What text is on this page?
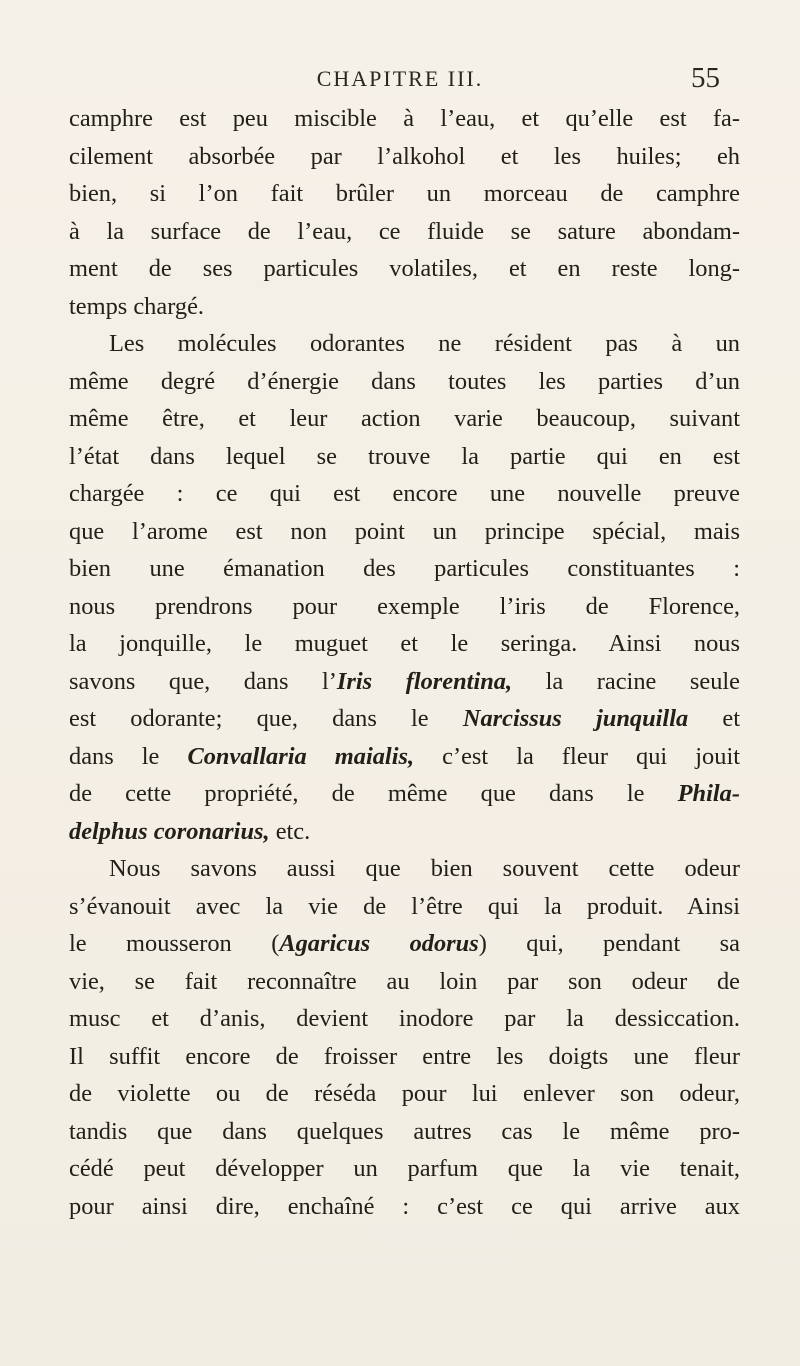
CHAPITRE III.	55
camphre est peu miscible à l’eau, et qu’elle est fa-
cilement absorbée par l’alkohol et les huiles; eh
bien, si l’on fait brûler un morceau de camphre
à la surface de l’eau, ce fluide se sature abondam-
ment de ses particules volatiles, et en reste long-
temps chargé.
Les molécules odorantes ne résident pas à un
même degré d’énergie dans toutes les parties d’un
même être, et leur action varie beaucoup, suivant
l’état dans lequel se trouve la partie qui en est
chargée : ce qui est encore une nouvelle preuve
que l’arome est non point un principe spécial, mais
bien une émanation des particules constituantes :
nous prendrons pour exemple l’iris de Florence,
la jonquille, le muguet et le seringa. Ainsi nous
savons que, dans l’Iris florentina, la racine seule
est odorante; que, dans le Narcissus junquilla et
dans le Convallaria maialis, c’est la fleur qui jouit
de cette propriété, de même que dans le Phila-
delphus coronarius, etc.
Nous savons aussi que bien souvent cette odeur
s’évanouit avec la vie de l’être qui la produit. Ainsi
le mousseron (Agaricus odorus) qui, pendant sa
vie, se fait reconnaître au loin par son odeur de
musc et d’anis, devient inodore par la dessiccation.
Il suffit encore de froisser entre les doigts une fleur
de violette ou de réséda pour lui enlever son odeur,
tandis que dans quelques autres cas le même pro-
cédé peut développer un parfum que la vie tenait,
pour ainsi dire, enchaîné : c’est ce qui arrive aux
